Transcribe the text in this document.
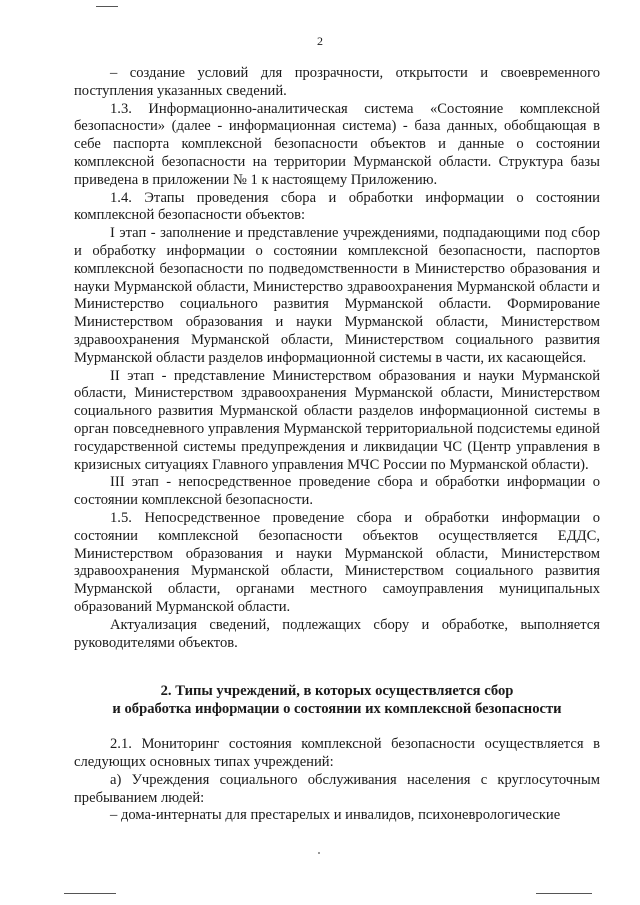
2

– создание условий для прозрачности, открытости и своевременного поступления указанных сведений.

1.3. Информационно-аналитическая система «Состояние комплексной безопасности» (далее - информационная система) - база данных, обобщающая в себе паспорта комплексной безопасности объектов и данные о состоянии комплексной безопасности на территории Мурманской области. Структура базы приведена в приложении № 1 к настоящему Приложению.

1.4. Этапы проведения сбора и обработки информации о состоянии комплексной безопасности объектов:

I этап - заполнение и представление учреждениями, подпадающими под сбор и обработку информации о состоянии комплексной безопасности, паспортов комплексной безопасности по подведомственности в Министерство образования и науки Мурманской области, Министерство здравоохранения Мурманской области и Министерство социального развития Мурманской области. Формирование Министерством образования и науки Мурманской области, Министерством здравоохранения Мурманской области, Министерством социального развития Мурманской области разделов информационной системы в части, их касающейся.

II этап - представление Министерством образования и науки Мурманской области, Министерством здравоохранения Мурманской области, Министерством социального развития Мурманской области разделов информационной системы в орган повседневного управления Мурманской территориальной подсистемы единой государственной системы предупреждения и ликвидации ЧС (Центр управления в кризисных ситуациях Главного управления МЧС России по Мурманской области).

III этап - непосредственное проведение сбора и обработки информации о состоянии комплексной безопасности.

1.5. Непосредственное проведение сбора и обработки информации о состоянии комплексной безопасности объектов осуществляется ЕДДС, Министерством образования и науки Мурманской области, Министерством здравоохранения Мурманской области, Министерством социального развития Мурманской области, органами местного самоуправления муниципальных образований Мурманской области.

Актуализация сведений, подлежащих сбору и обработке, выполняется руководителями объектов.

2. Типы учреждений, в которых осуществляется сбор
и обработка информации о состоянии их комплексной безопасности

2.1. Мониторинг состояния комплексной безопасности осуществляется в следующих основных типах учреждений:

а) Учреждения социального обслуживания населения с круглосуточным пребыванием людей:

– дома-интернаты для престарелых и инвалидов, психоневрологические
